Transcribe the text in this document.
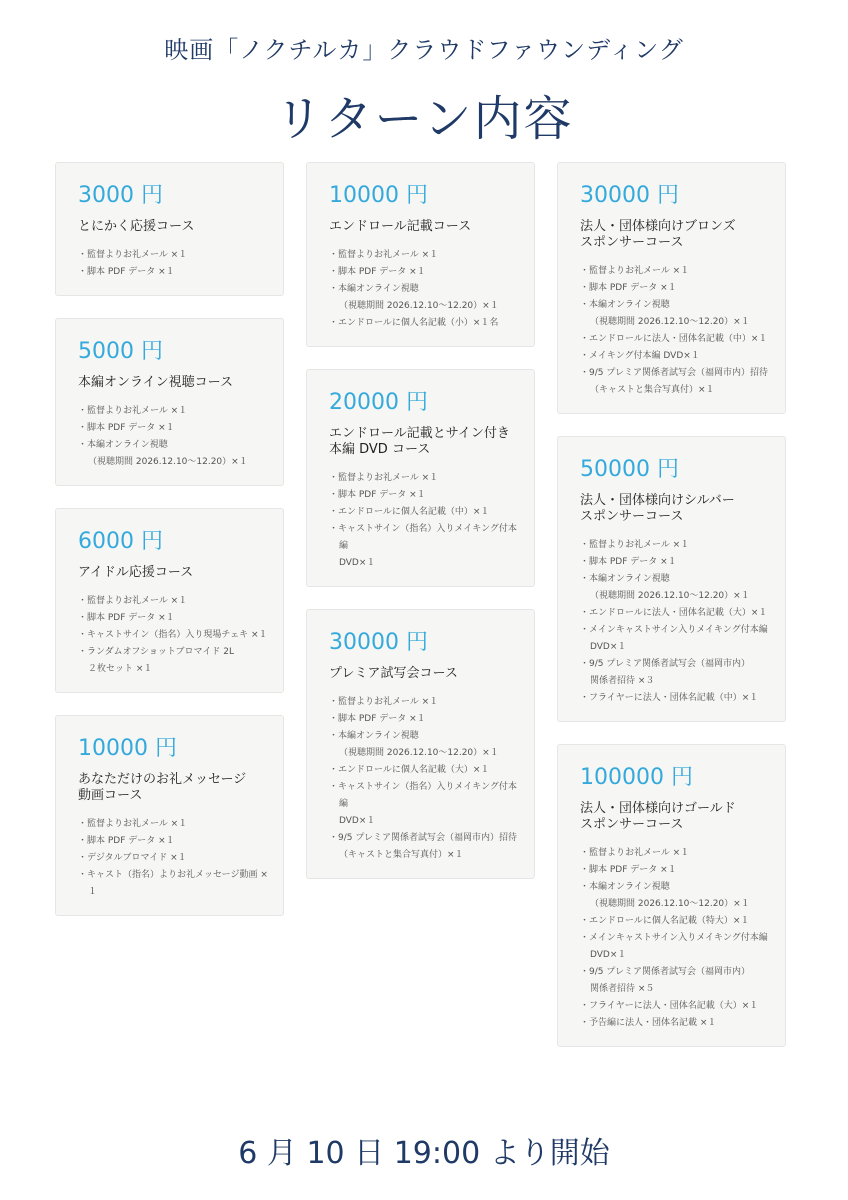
映画「ノクチルカ」クラウドファウンディング
リターン内容
3000 円
とにかく応援コース
・監督よりお礼メール ×１
・脚本 PDF データ ×１
5000 円
本編オンライン視聴コース
・監督よりお礼メール ×１
・脚本 PDF データ ×１
・本編オンライン視聴
（視聴期間 2026.12.10〜12.20）×１
6000 円
アイドル応援コース
・監督よりお礼メール ×１
・脚本 PDF データ ×１
・キャストサイン（指名）入り現場チェキ ×１
・ランダムオフショットブロマイド 2L
２枚セット ×１
10000 円
あなただけのお礼メッセージ
動画コース
・監督よりお礼メール ×１
・脚本 PDF データ ×１
・デジタルブロマイド ×１
・キャスト（指名）よりお礼メッセージ動画 ×１
10000 円
エンドロール記載コース
・監督よりお礼メール ×１
・脚本 PDF データ ×１
・本編オンライン視聴
（視聴期間 2026.12.10〜12.20）×１
・エンドロールに個人名記載（小）×１名
20000 円
エンドロール記載とサイン付き
本編 DVD コース
・監督よりお礼メール ×１
・脚本 PDF データ ×１
・エンドロールに個人名記載（中）×１
・キャストサイン（指名）入りメイキング付本編
DVD×１
30000 円
プレミア試写会コース
・監督よりお礼メール ×１
・脚本 PDF データ ×１
・本編オンライン視聴
（視聴期間 2026.12.10〜12.20）×１
・エンドロールに個人名記載（大）×１
・キャストサイン（指名）入りメイキング付本編
DVD×１
・9/5 プレミア関係者試写会（福岡市内）招待
（キャストと集合写真付）×１
30000 円
法人・団体様向けブロンズ
スポンサーコース
・監督よりお礼メール ×１
・脚本 PDF データ ×１
・本編オンライン視聴
（視聴期間 2026.12.10〜12.20）×１
・エンドロールに法人・団体名記載（中）×１
・メイキング付本編 DVD×１
・9/5 プレミア関係者試写会（福岡市内）招待
（キャストと集合写真付）×１
50000 円
法人・団体様向けシルバー
スポンサーコース
・監督よりお礼メール ×１
・脚本 PDF データ ×１
・本編オンライン視聴
（視聴期間 2026.12.10〜12.20）×１
・エンドロールに法人・団体名記載（大）×１
・メインキャストサイン入りメイキング付本編
DVD×１
・9/5 プレミア関係者試写会（福岡市内）
関係者招待 ×３
・フライヤーに法人・団体名記載（中）×１
100000 円
法人・団体様向けゴールド
スポンサーコース
・監督よりお礼メール ×１
・脚本 PDF データ ×１
・本編オンライン視聴
（視聴期間 2026.12.10〜12.20）×１
・エンドロールに個人名記載（特大）×１
・メインキャストサイン入りメイキング付本編
DVD×１
・9/5 プレミア関係者試写会（福岡市内）
関係者招待 ×５
・フライヤーに法人・団体名記載（大）×１
・予告編に法人・団体名記載 ×１
6 月 10 日 19:00 より開始
